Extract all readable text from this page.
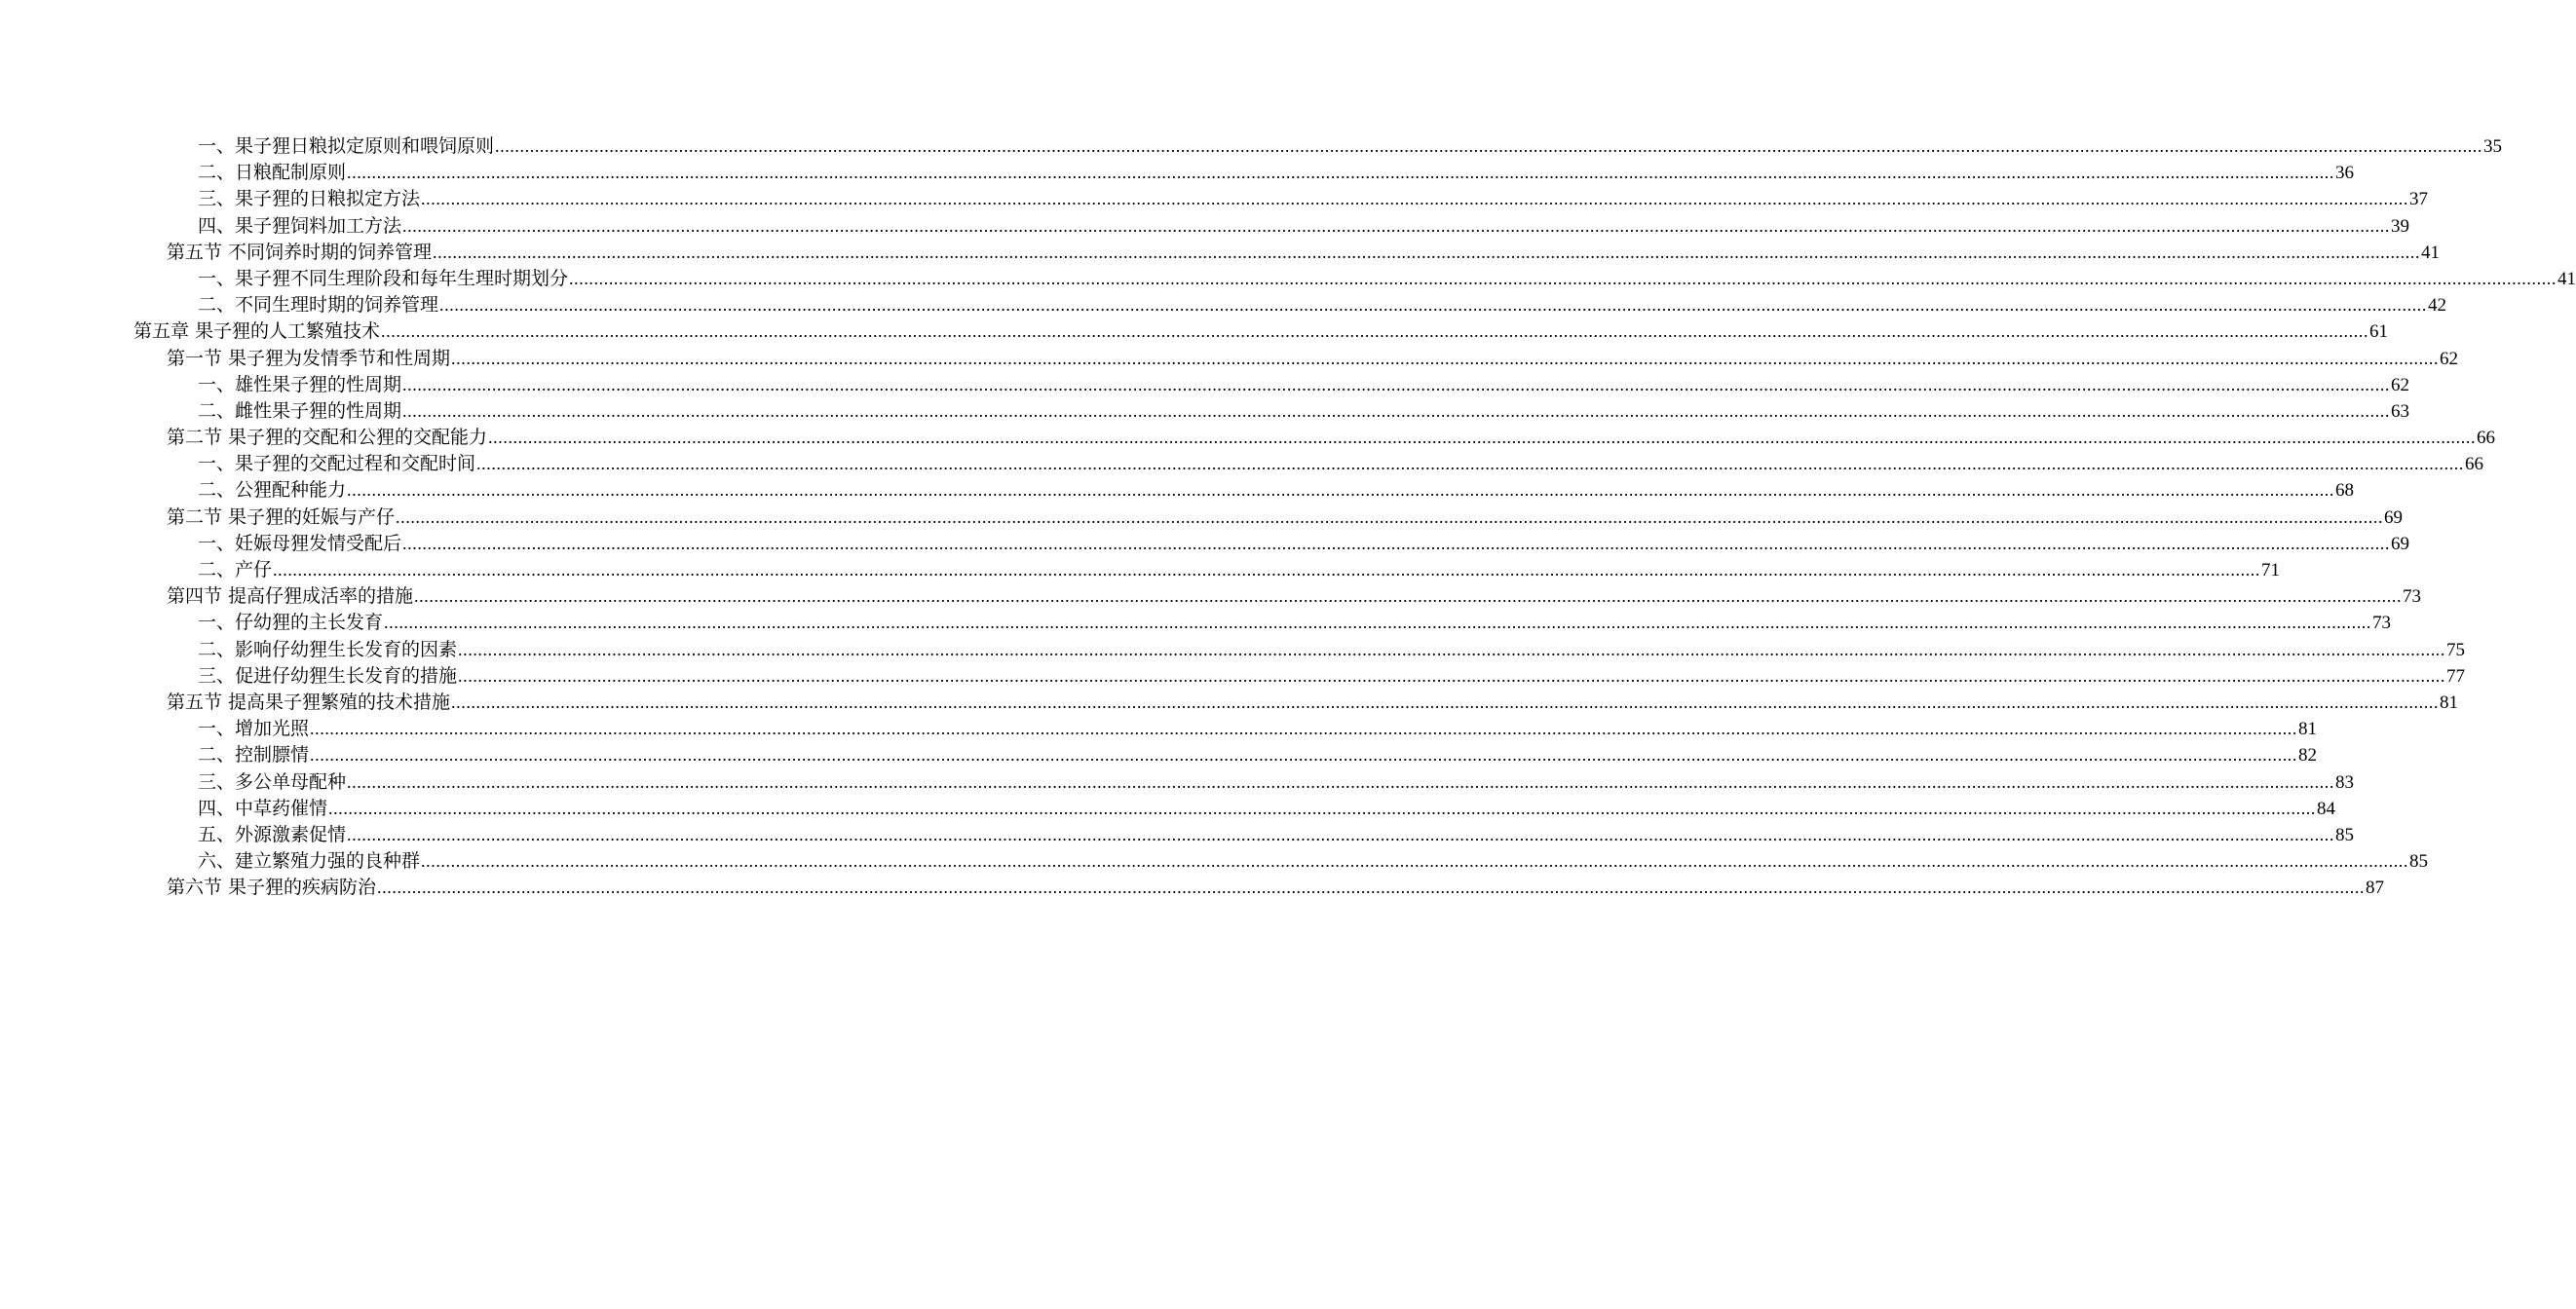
一、果子狸日粮拟定原则和喂饲原则 ................................................................................................................................................................................................................................................................................................................................................................................................................ 35
二、日粮配制原则 ................................................................................................................................................................................................................................................................................................................................................................................................................ 36
三、果子狸的日粮拟定方法 ................................................................................................................................................................................................................................................................................................................................................................................................................ 37
四、果子狸饲料加工方法 ................................................................................................................................................................................................................................................................................................................................................................................................................ 39
第五节 不同饲养时期的饲养管理 ................................................................................................................................................................................................................................................................................................................................................................................................................ 41
一、果子狸不同生理阶段和每年生理时期划分 ................................................................................................................................................................................................................................................................................................................................................................................................................ 41
二、不同生理时期的饲养管理 ................................................................................................................................................................................................................................................................................................................................................................................................................ 42
第五章 果子狸的人工繁殖技术 ................................................................................................................................................................................................................................................................................................................................................................................................................ 61
第一节 果子狸为发情季节和性周期 ................................................................................................................................................................................................................................................................................................................................................................................................................ 62
一、雄性果子狸的性周期 ................................................................................................................................................................................................................................................................................................................................................................................................................ 62
二、雌性果子狸的性周期 ................................................................................................................................................................................................................................................................................................................................................................................................................ 63
第二节 果子狸的交配和公狸的交配能力 ................................................................................................................................................................................................................................................................................................................................................................................................................ 66
一、果子狸的交配过程和交配时间 ................................................................................................................................................................................................................................................................................................................................................................................................................ 66
二、公狸配种能力 ................................................................................................................................................................................................................................................................................................................................................................................................................ 68
第二节 果子狸的妊娠与产仔 ................................................................................................................................................................................................................................................................................................................................................................................................................ 69
一、妊娠母狸发情受配后 ................................................................................................................................................................................................................................................................................................................................................................................................................ 69
二、产仔 ................................................................................................................................................................................................................................................................................................................................................................................................................ 71
第四节 提高仔狸成活率的措施 ................................................................................................................................................................................................................................................................................................................................................................................................................ 73
一、仔幼狸的主长发育 ................................................................................................................................................................................................................................................................................................................................................................................................................ 73
二、影响仔幼狸生长发育的因素 ................................................................................................................................................................................................................................................................................................................................................................................................................ 75
三、促进仔幼狸生长发育的措施 ................................................................................................................................................................................................................................................................................................................................................................................................................ 77
第五节 提高果子狸繁殖的技术措施 ................................................................................................................................................................................................................................................................................................................................................................................................................ 81
一、增加光照 ................................................................................................................................................................................................................................................................................................................................................................................................................ 81
二、控制膘情 ................................................................................................................................................................................................................................................................................................................................................................................................................ 82
三、多公单母配种 ................................................................................................................................................................................................................................................................................................................................................................................................................ 83
四、中草药催情 ................................................................................................................................................................................................................................................................................................................................................................................................................ 84
五、外源激素促情 ................................................................................................................................................................................................................................................................................................................................................................................................................ 85
六、建立繁殖力强的良种群 ................................................................................................................................................................................................................................................................................................................................................................................................................ 85
第六节 果子狸的疾病防治 ................................................................................................................................................................................................................................................................................................................................................................................................................ 87
